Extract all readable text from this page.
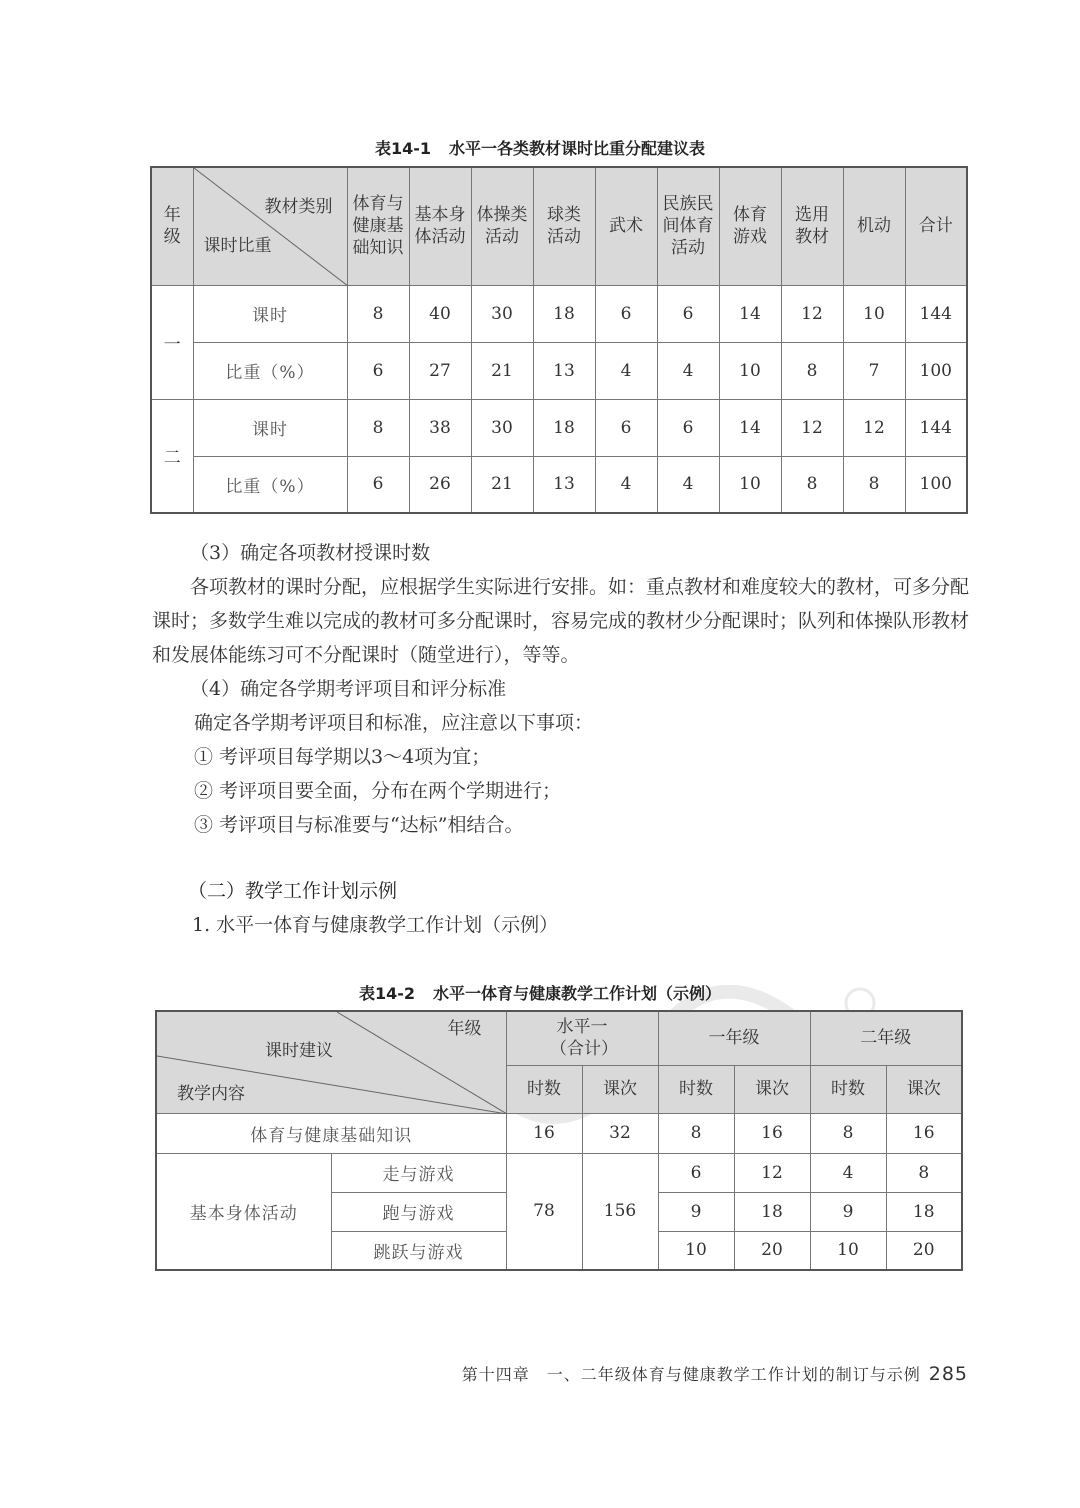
表14-1 水平一各类教材课时比重分配建议表
年级	教材类别
课时比重	体育与健康基础知识	基本身体活动	体操类活动	球类活动	武术	民族民间体育活动	体育游戏	选用教材	机动	合计

一	课时	8	40	30	18	6	6	14	12	10	144
	比重（%）	6	27	21	13	4	4	10	8	7	100
二	课时	8	38	30	18	6	6	14	12	12	144
	比重（%）	6	26	21	13	4	4	10	8	8	100

（3）确定各项教材授课时数

各项教材的课时分配，应根据学生实际进行安排。如：重点教材和难度较大的教材，可多分配课时；多数学生难以完成的教材可多分配课时，容易完成的教材少分配课时；队列和体操队形教材和发展体能练习可不分配课时（随堂进行），等等。

（4）确定各学期考评项目和评分标准

确定各学期考评项目和标准，应注意以下事项：

① 考评项目每学期以3～4项为宜；

② 考评项目要全面，分布在两个学期进行；

③ 考评项目与标准要与“达标”相结合。

（二）教学工作计划示例
1. 水平一体育与健康教学工作计划（示例）
表14-2 水平一体育与健康教学工作计划（示例）
年级
课时建议
教学内容		水平一（合计）		一年级		二年级	
		时数	课次	时数	课次	时数	课次
体育与健康基础知识		16	32	8	16	8	16
基本身体活动	走与游戏	78	156	6	12	4	8
	跑与游戏			9	18	9	18
	跳跃与游戏			10	20	10	20
第十四章　一、二年级体育与健康教学工作计划的制订与示例 285
